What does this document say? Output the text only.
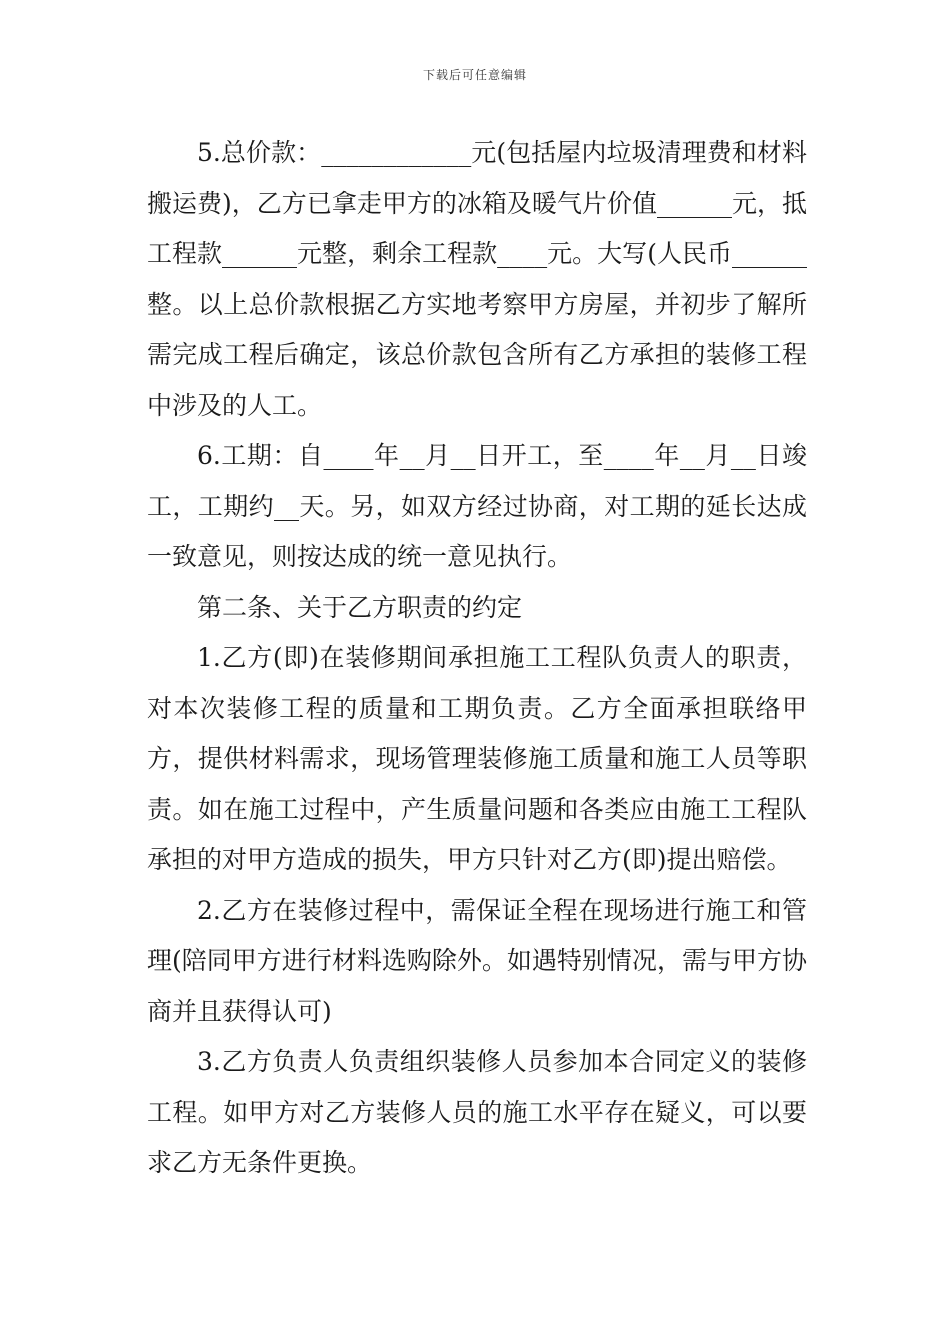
下载后可任意编辑

5.总价款：____________元(包括屋内垃圾清理费和材料搬运费)，乙方已拿走甲方的冰箱及暖气片价值______元，抵工程款______元整，剩余工程款____元。大写(人民币______整。以上总价款根据乙方实地考察甲方房屋，并初步了解所需完成工程后确定，该总价款包含所有乙方承担的装修工程中涉及的人工。

6.工期：自____年__月__日开工，至____年__月__日竣工，工期约__天。另，如双方经过协商，对工期的延长达成一致意见，则按达成的统一意见执行。

第二条、关于乙方职责的约定

1.乙方(即)在装修期间承担施工工程队负责人的职责，对本次装修工程的质量和工期负责。乙方全面承担联络甲方，提供材料需求，现场管理装修施工质量和施工人员等职责。如在施工过程中，产生质量问题和各类应由施工工程队承担的对甲方造成的损失，甲方只针对乙方(即)提出赔偿。

2.乙方在装修过程中，需保证全程在现场进行施工和管理(陪同甲方进行材料选购除外。如遇特别情况，需与甲方协商并且获得认可)

3.乙方负责人负责组织装修人员参加本合同定义的装修工程。如甲方对乙方装修人员的施工水平存在疑义，可以要求乙方无条件更换。
